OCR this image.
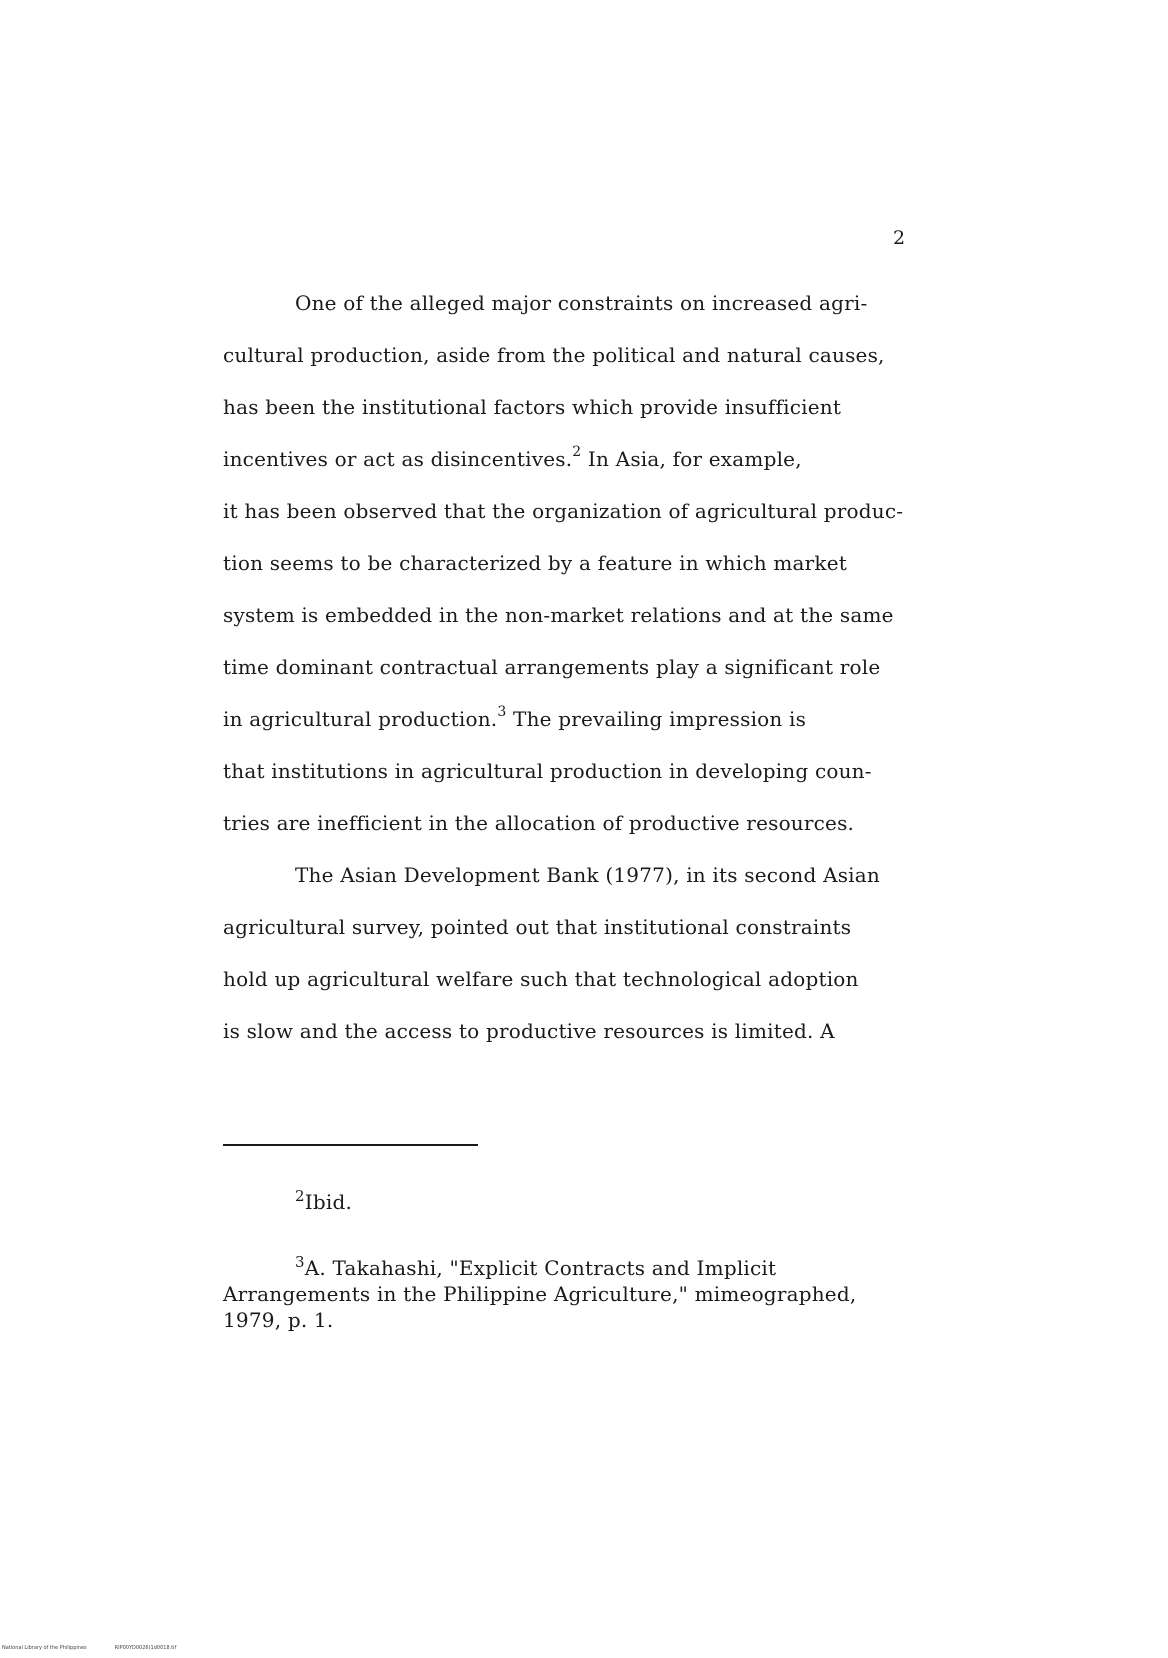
2
One of the alleged major constraints on increased agri-
cultural production, aside from the political and natural causes,
has been the institutional factors which provide insufficient
incentives or act as disincentives.$^2$ In Asia, for example,
it has been observed that the organization of agricultural produc-
tion seems to be characterized by a feature in which market
system is embedded in the non-market relations and at the same
time dominant contractual arrangements play a significant role
in agricultural production.$^3$ The prevailing impression is
that institutions in agricultural production in developing coun-
tries are inefficient in the allocation of productive resources.
The Asian Development Bank (1977), in its second Asian
agricultural survey, pointed out that institutional constraints
hold up agricultural welfare such that technological adoption
is slow and the access to productive resources is limited. A
$^2$Ibid.
$^3$A. Takahashi, "Explicit Contracts and Implicit
Arrangements in the Philippine Agriculture," mimeographed,
1979, p. 1.
National Library of the Philippines	RIP00YD0026(1d0018.tif
